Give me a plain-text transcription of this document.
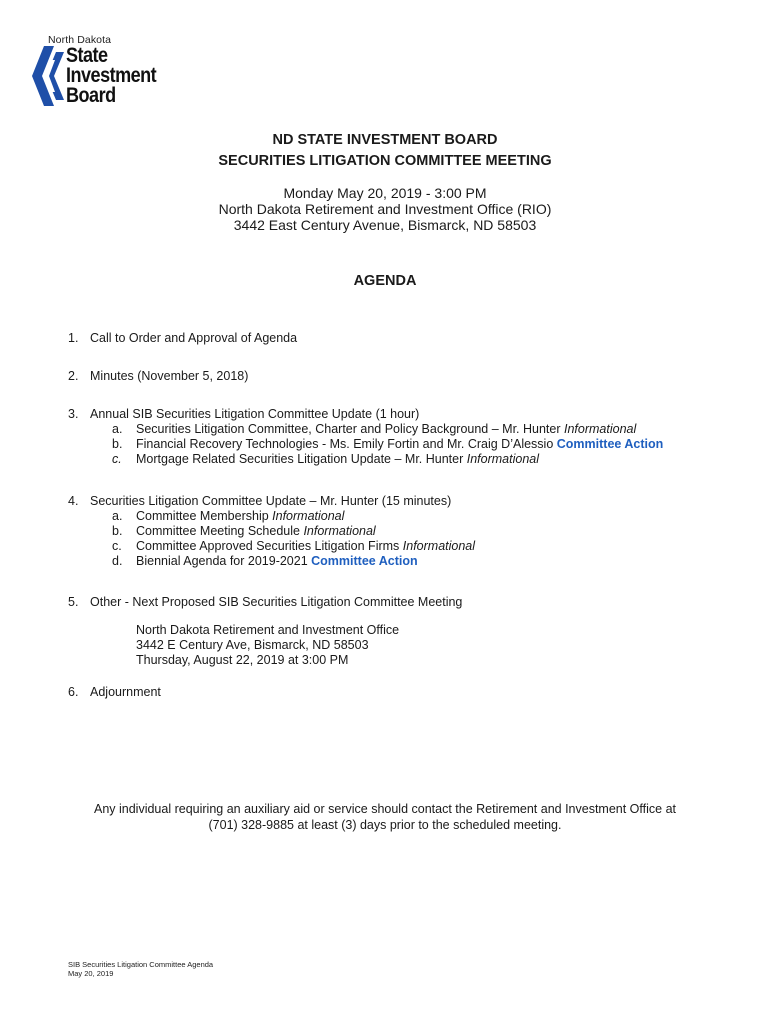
North Dakota
State
Investment
Board
ND STATE INVESTMENT BOARD
SECURITIES LITIGATION COMMITTEE MEETING
Monday May 20, 2019 - 3:00 PM
North Dakota Retirement and Investment Office (RIO)
3442 East Century Avenue, Bismarck, ND 58503
AGENDA
1. Call to Order and Approval of Agenda
2. Minutes (November 5, 2018)
3. Annual SIB Securities Litigation Committee Update (1 hour)
a. Securities Litigation Committee, Charter and Policy Background – Mr. Hunter Informational
b. Financial Recovery Technologies - Ms. Emily Fortin and Mr. Craig D’Alessio Committee Action
c. Mortgage Related Securities Litigation Update – Mr. Hunter Informational
4. Securities Litigation Committee Update – Mr. Hunter (15 minutes)
a. Committee Membership Informational
b. Committee Meeting Schedule Informational
c. Committee Approved Securities Litigation Firms Informational
d. Biennial Agenda for 2019-2021 Committee Action
5. Other - Next Proposed SIB Securities Litigation Committee Meeting
North Dakota Retirement and Investment Office
3442 E Century Ave, Bismarck, ND 58503
Thursday, August 22, 2019 at 3:00 PM
6. Adjournment
Any individual requiring an auxiliary aid or service should contact the Retirement and Investment Office at
(701) 328-9885 at least (3) days prior to the scheduled meeting.
SIB Securities Litigation Committee Agenda
May 20, 2019
